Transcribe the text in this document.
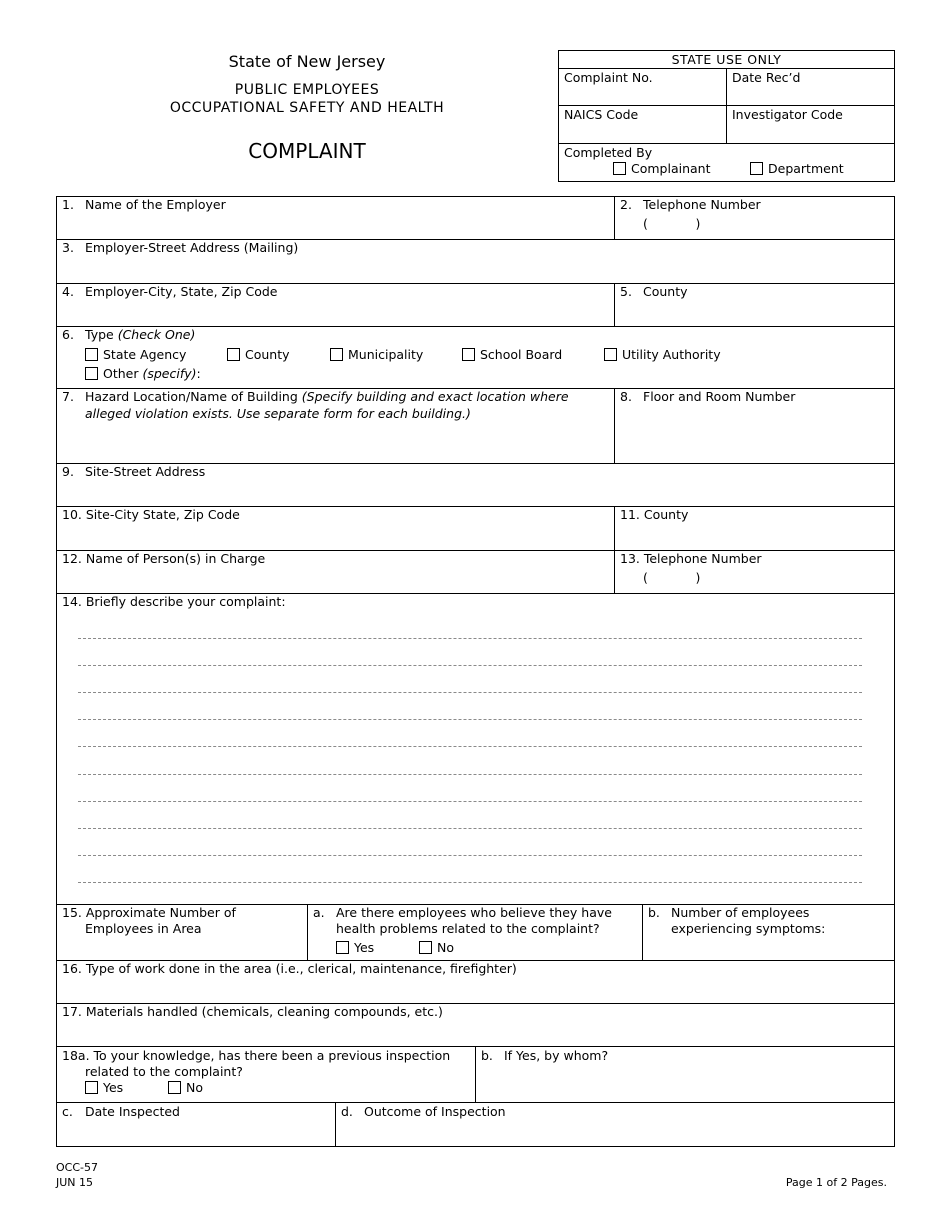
State of New Jersey
PUBLIC EMPLOYEES
OCCUPATIONAL SAFETY AND HEALTH
COMPLAINT
STATE USE ONLY
Complaint No.	Date Rec’d
NAICS Code	Investigator Code
Completed By
Complainant	Department
1. Name of the Employer	2. Telephone Number
(            )
3. Employer-Street Address (Mailing)
4. Employer-City, State, Zip Code	5. County
6. Type (Check One)
State Agency	County	Municipality	School Board	Utility Authority
Other (specify):
7. Hazard Location/Name of Building (Specify building and exact location where
alleged violation exists. Use separate form for each building.)
8. Floor and Room Number
9. Site-Street Address
10. Site-City State, Zip Code	11. County
12. Name of Person(s) in Charge	13. Telephone Number
(            )
14. Briefly describe your complaint:
15. Approximate Number of
Employees in Area
a. Are there employees who believe they have
health problems related to the complaint?
Yes	No
b. Number of employees
experiencing symptoms:
16. Type of work done in the area (i.e., clerical, maintenance, firefighter)
17. Materials handled (chemicals, cleaning compounds, etc.)
18a. To your knowledge, has there been a previous inspection
related to the complaint?
Yes	No
b. If Yes, by whom?
c. Date Inspected	d. Outcome of Inspection
OCC-57
JUN 15	Page 1 of 2 Pages.
